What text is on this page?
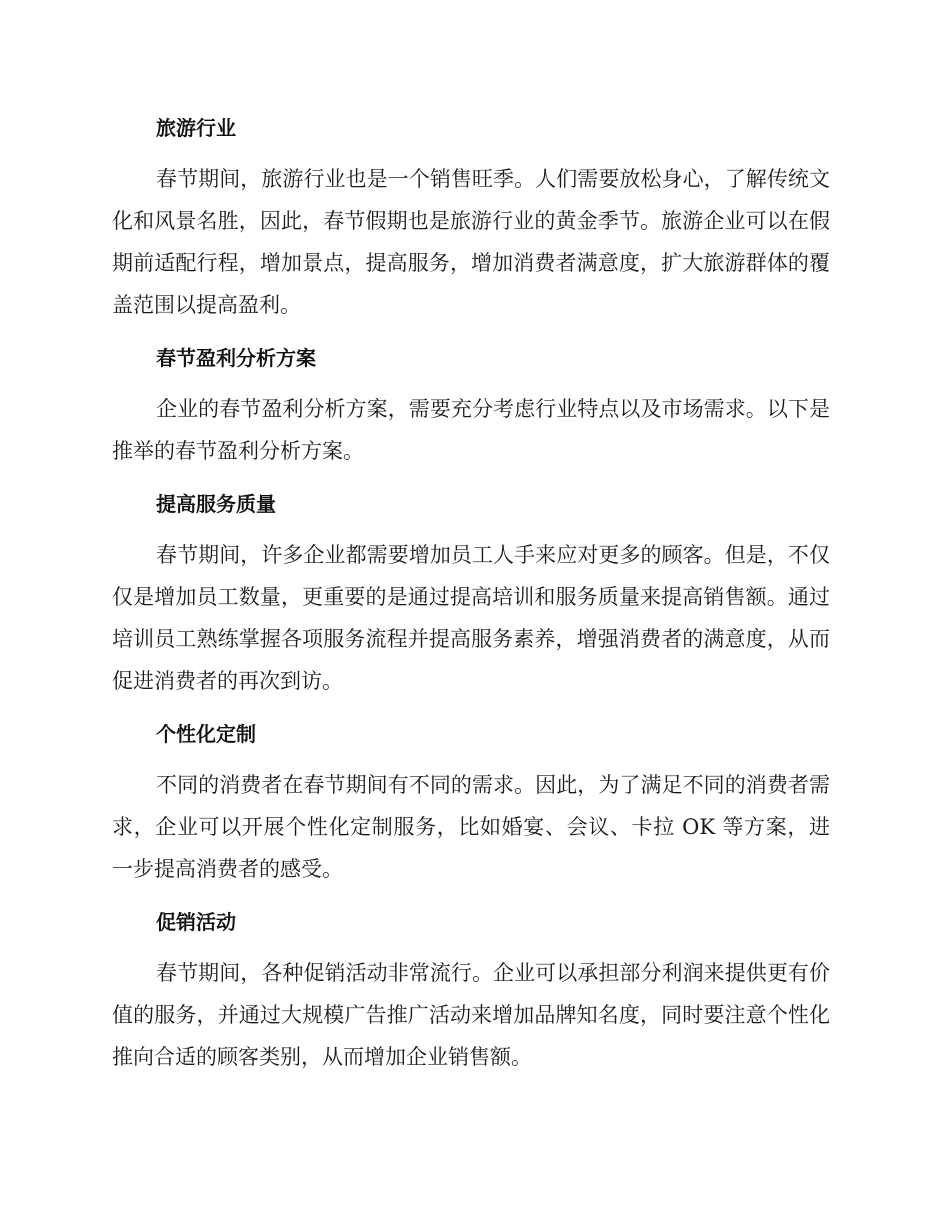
旅游行业

春节期间，旅游行业也是一个销售旺季。人们需要放松身心，了解传统文化和风景名胜，因此，春节假期也是旅游行业的黄金季节。旅游企业可以在假期前适配行程，增加景点，提高服务，增加消费者满意度，扩大旅游群体的覆盖范围以提高盈利。

春节盈利分析方案

企业的春节盈利分析方案，需要充分考虑行业特点以及市场需求。以下是推举的春节盈利分析方案。

提高服务质量

春节期间，许多企业都需要增加员工人手来应对更多的顾客。但是，不仅仅是增加员工数量，更重要的是通过提高培训和服务质量来提高销售额。通过培训员工熟练掌握各项服务流程并提高服务素养，增强消费者的满意度，从而促进消费者的再次到访。

个性化定制

不同的消费者在春节期间有不同的需求。因此，为了满足不同的消费者需求，企业可以开展个性化定制服务，比如婚宴、会议、卡拉 OK 等方案，进一步提高消费者的感受。

促销活动

春节期间，各种促销活动非常流行。企业可以承担部分利润来提供更有价值的服务，并通过大规模广告推广活动来增加品牌知名度，同时要注意个性化推向合适的顾客类别，从而增加企业销售额。
